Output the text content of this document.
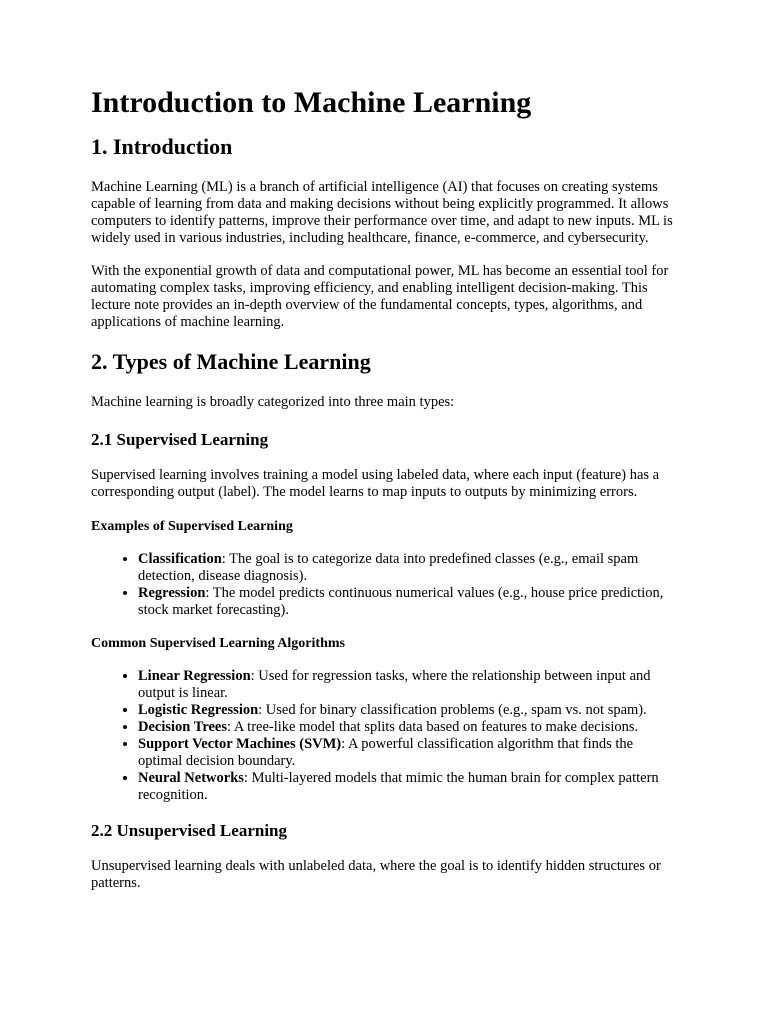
Introduction to Machine Learning
1. Introduction

Machine Learning (ML) is a branch of artificial intelligence (AI) that focuses on creating systems capable of learning from data and making decisions without being explicitly programmed. It allows computers to identify patterns, improve their performance over time, and adapt to new inputs. ML is widely used in various industries, including healthcare, finance, e-commerce, and cybersecurity.

With the exponential growth of data and computational power, ML has become an essential tool for automating complex tasks, improving efficiency, and enabling intelligent decision-making. This lecture note provides an in-depth overview of the fundamental concepts, types, algorithms, and applications of machine learning.

2. Types of Machine Learning

Machine learning is broadly categorized into three main types:

2.1 Supervised Learning

Supervised learning involves training a model using labeled data, where each input (feature) has a corresponding output (label). The model learns to map inputs to outputs by minimizing errors.

Examples of Supervised Learning
• Classification: The goal is to categorize data into predefined classes (e.g., email spam detection, disease diagnosis).
• Regression: The model predicts continuous numerical values (e.g., house price prediction, stock market forecasting).
Common Supervised Learning Algorithms
• Linear Regression: Used for regression tasks, where the relationship between input and output is linear.
• Logistic Regression: Used for binary classification problems (e.g., spam vs. not spam).
• Decision Trees: A tree-like model that splits data based on features to make decisions.
• Support Vector Machines (SVM): A powerful classification algorithm that finds the optimal decision boundary.
• Neural Networks: Multi-layered models that mimic the human brain for complex pattern recognition.
2.2 Unsupervised Learning

Unsupervised learning deals with unlabeled data, where the goal is to identify hidden structures or patterns.
